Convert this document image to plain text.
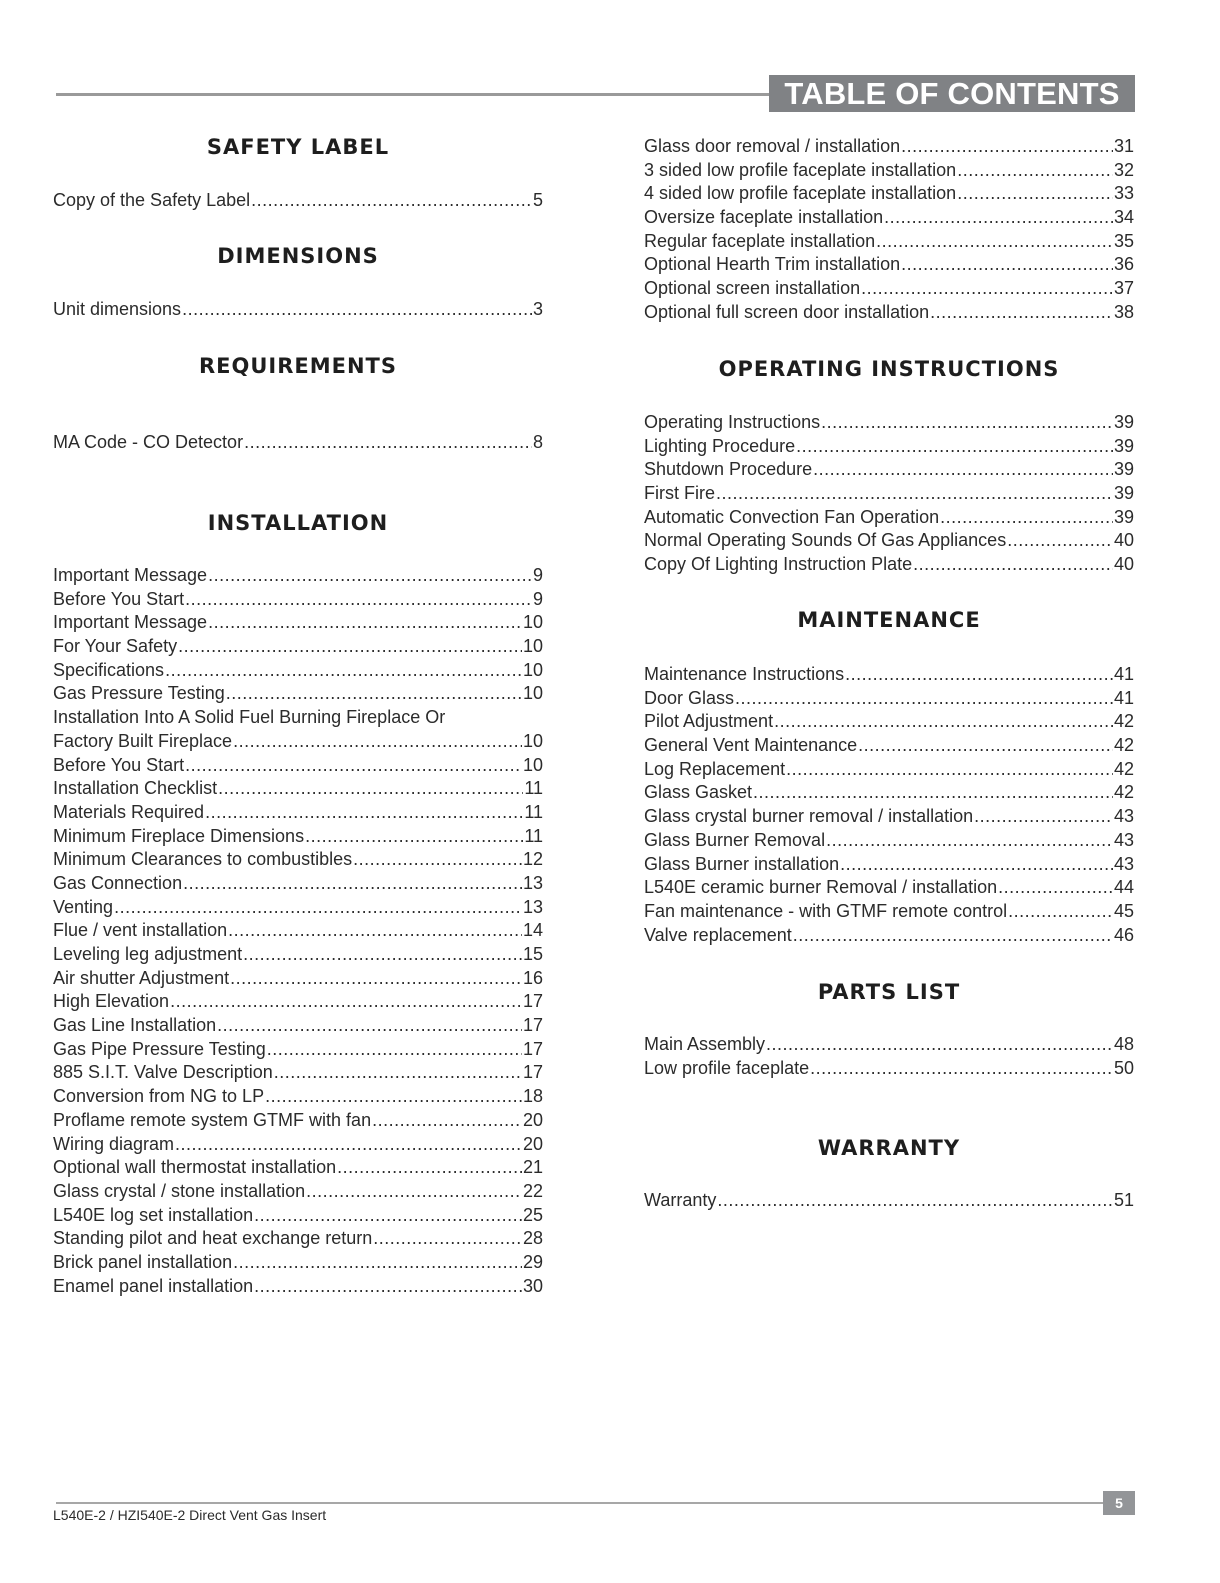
TABLE OF CONTENTS
SAFETY LABEL
Copy of the Safety Label .....	5
DIMENSIONS
Unit dimensions .....	3
REQUIREMENTS
MA Code - CO Detector .....	8
INSTALLATION
Important Message .....	9
Before You Start .....	9
Important Message .....	10
For Your Safety .....	10
Specifications .....	10
Gas Pressure Testing .....	10
Installation Into A Solid Fuel Burning Fireplace Or
Factory Built Fireplace .....	10
Before You Start .....	10
Installation Checklist .....	11
Materials Required .....	11
Minimum Fireplace Dimensions .....	11
Minimum Clearances to combustibles .....	12
Gas Connection .....	13
Venting .....	13
Flue / vent installation .....	14
Leveling leg adjustment .....	15
Air shutter Adjustment .....	16
High Elevation .....	17
Gas Line Installation .....	17
Gas Pipe Pressure Testing .....	17
885 S.I.T. Valve Description .....	17
Conversion from NG to LP .....	18
Proflame remote system GTMF with fan .....	20
Wiring diagram .....	20
Optional wall thermostat installation .....	21
Glass crystal / stone installation .....	22
L540E log set installation .....	25
Standing pilot and heat exchange return .....	28
Brick panel installation .....	29
Enamel panel installation .....	30
Glass door removal / installation .....	31
3 sided low profile faceplate installation .....	32
4 sided low profile faceplate installation .....	33
Oversize faceplate installation .....	34
Regular faceplate installation .....	35
Optional Hearth Trim installation .....	36
Optional screen installation .....	37
Optional full screen door installation .....	38
OPERATING INSTRUCTIONS
Operating Instructions .....	39
Lighting Procedure .....	39
Shutdown Procedure .....	39
First Fire .....	39
Automatic Convection Fan Operation .....	39
Normal Operating Sounds Of Gas Appliances .....	40
Copy Of Lighting Instruction Plate .....	40
MAINTENANCE
Maintenance Instructions .....	41
Door Glass .....	41
Pilot Adjustment .....	42
General Vent Maintenance .....	42
Log Replacement .....	42
Glass Gasket .....	42
Glass crystal burner removal / installation .....	43
Glass Burner Removal .....	43
Glass Burner installation .....	43
L540E ceramic burner Removal / installation .....	44
Fan maintenance - with GTMF remote control .....	45
Valve replacement .....	46
PARTS LIST
Main Assembly .....	48
Low profile faceplate .....	50
WARRANTY
Warranty .....	51
L540E-2 / HZI540E-2 Direct Vent Gas Insert
5
